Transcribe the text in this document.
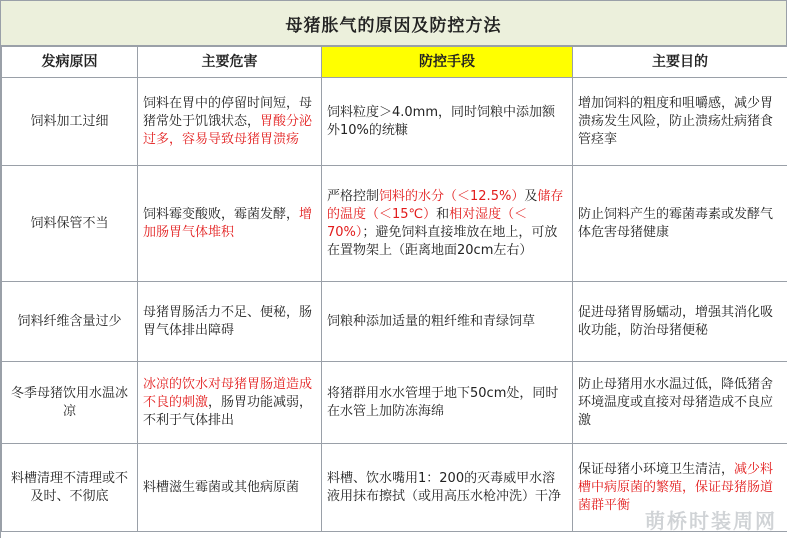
母猪胀气的原因及防控方法
发病原因	主要危害	防控手段	主要目的
饲料加工过细	饲料在胃中的停留时间短，母猪常处于饥饿状态，胃酸分泌过多，容易导致母猪胃溃疡	饲料粒度＞4.0mm，同时饲粮中添加额外10%的统糠	增加饲料的粗度和咀嚼感，减少胃溃疡发生风险，防止溃疡灶病猪食管痉挛
饲料保管不当	饲料霉变酸败，霉菌发酵，增加肠胃气体堆积	严格控制饲料的水分（＜12.5%）及储存的温度（＜15℃）和相对湿度（＜70%）；避免饲料直接堆放在地上，可放在置物架上（距离地面20cm左右）	防止饲料产生的霉菌毒素或发酵气体危害母猪健康
饲料纤维含量过少	母猪胃肠活力不足、便秘，肠胃气体排出障碍	饲粮种添加适量的粗纤维和青绿饲草	促进母猪胃肠蠕动，增强其消化吸收功能，防治母猪便秘
冬季母猪饮用水温冰凉	冰凉的饮水对母猪胃肠道造成不良的刺激，肠胃功能减弱，不利于气体排出	将猪群用水水管埋于地下50cm处，同时在水管上加防冻海绵	防止母猪用水水温过低，降低猪舍环境温度或直接对母猪造成不良应激
料槽清理不清理或不及时、不彻底	料槽滋生霉菌或其他病原菌	料槽、饮水嘴用1：200的灭毒威甲水溶液用抹布擦拭（或用高压水枪冲洗）干净	保证母猪小环境卫生清洁，减少料槽中病原菌的繁殖，保证母猪肠道菌群平衡
萌桥时装周网
